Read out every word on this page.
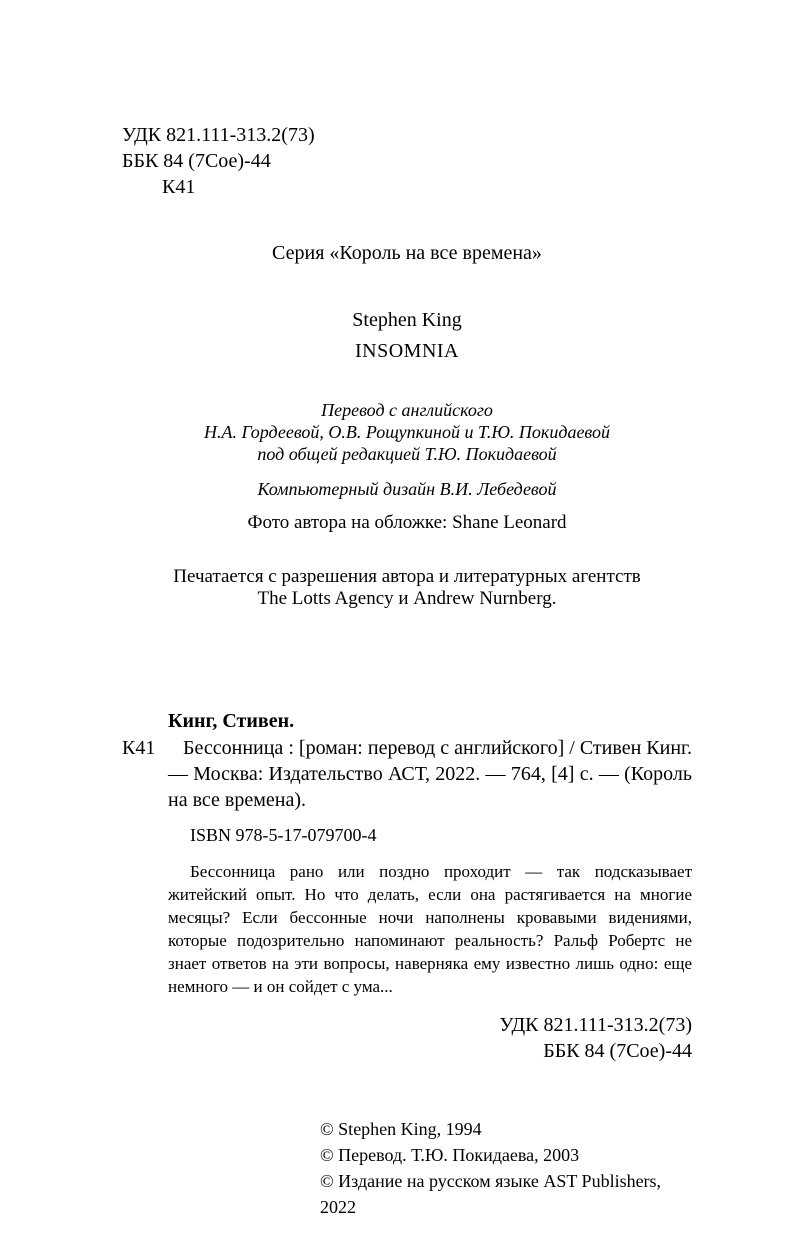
УДК 821.111-313.2(73)
ББК 84 (7Сое)-44
К41
Серия «Король на все времена»
Stephen King
INSOMNIA
Перевод с английского
Н.А. Гордеевой, О.В. Рощупкиной и Т.Ю. Покидаевой
под общей редакцией Т.Ю. Покидаевой
Компьютерный дизайн В.И. Лебедевой
Фото автора на обложке: Shane Leonard
Печатается с разрешения автора и литературных агентств
The Lotts Agency и Andrew Nurnberg.
Кинг, Стивен.
К41	Бессонница : [роман: перевод с английского] / Стивен Кинг. — Москва: Издательство АСТ, 2022. — 764, [4] с. — (Король на все времена).
ISBN 978-5-17-079700-4
Бессонница рано или поздно проходит — так подсказывает житейский опыт. Но что делать, если она растягивается на многие месяцы? Если бессонные ночи наполнены кровавыми видениями, которые подозрительно напоминают реальность? Ральф Робертс не знает ответов на эти вопросы, наверняка ему известно лишь одно: еще немного — и он сойдет с ума...
УДК 821.111-313.2(73)
ББК 84 (7Сое)-44
© Stephen King, 1994
© Перевод. Т.Ю. Покидаева, 2003
© Издание на русском языке AST Publishers, 2022
